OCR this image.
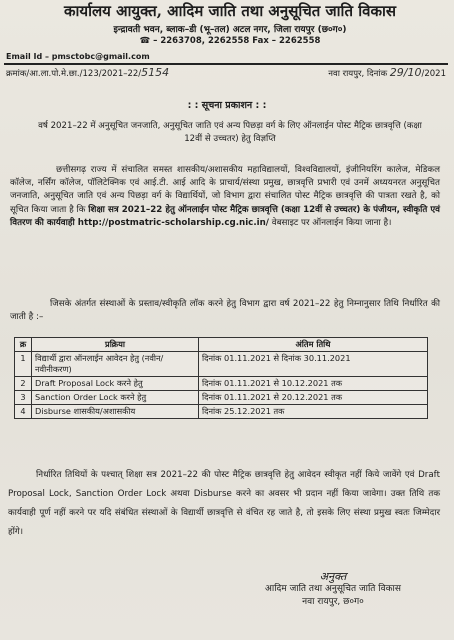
कार्यालय आयुक्त, आदिम जाति तथा अनुसूचित जाति विकास
इन्द्रावती भवन, ब्लाक–डी (भू–तल) अटल नगर, जिला रायपुर (छ०ग०)
☎ – 2263708, 2262558 Fax – 2262558
Email Id – pmsctobc@gmail.com
क्रमांक/आ.ला.पो.मे.छा./123/2021–22/5154	नवा रायपुर, दिनांक 29/10/2021
: : सूचना प्रकाशन : :
वर्ष 2021–22 में अनुसूचित जनजाति, अनुसूचित जाति एवं अन्य पिछड़ा वर्ग के लिए ऑनलाईन पोस्ट मैट्रिक छात्रवृत्ति (कक्षा 12वीं से उच्चतर) हेतु विज्ञप्ति
छत्तीसगढ़ राज्य में संचालित समस्त शासकीय/अशासकीय महाविद्यालयों, विश्वविद्यालयों, इंजीनियरिंग कालेज, मेडिकल कॉलेज, नर्सिंग कॉलेज, पॉलिटेक्निक एवं आई.टी. आई आदि के प्राचार्य/संस्था प्रमुख, छात्रवृत्ति प्रभारी एवं उनमें अध्ययनरत अनुसूचित जनजाति, अनुसूचित जाति एवं अन्य पिछड़ा वर्ग के विद्यार्थियों, जो विभाग द्वारा संचालित पोस्ट मैट्रिक छात्रवृत्ति की पात्रता रखते है, को सूचित किया जाता है कि शिक्षा सत्र 2021–22 हेतु ऑनलाईन पोस्ट मैट्रिक छात्रवृत्ति (कक्षा 12वीं से उच्चतर) के पंजीयन, स्वीकृति एवं वितरण की कार्यवाही http://postmatric-scholarship.cg.nic.in/ वेबसाइट पर ऑनलाईन किया जाना है।
जिसके अंतर्गत संस्थाओं के प्रस्ताव/स्वीकृति लॉक करने हेतु विभाग द्वारा वर्ष 2021–22 हेतु निम्नानुसार तिथि निर्धारित की जाती है :–
क्र	प्रक्रिया	अंतिम तिथि
1	विद्यार्थी द्वारा ऑनलाईन आवेदन हेतु (नवीन/नवीनीकरण)	दिनांक 01.11.2021 से दिनांक 30.11.2021
2	Draft Proposal Lock करने हेतु	दिनांक 01.11.2021 से 10.12.2021 तक
3	Sanction Order Lock करने हेतु	दिनांक 01.11.2021 से 20.12.2021 तक
4	Disburse शासकीय/अशासकीय	दिनांक 25.12.2021 तक
निर्धारित तिथियों के पश्चात् शिक्षा सत्र 2021–22 की पोस्ट मैट्रिक छात्रवृत्ति हेतु आवेदन स्वीकृत नहीं किये जावेंगे एवं Draft Proposal Lock, Sanction Order Lock अथवा Disburse करने का अवसर भी प्रदान नहीं किया जावेगा। उक्त तिथि तक कार्यवाही पूर्ण नहीं करने पर यदि संबंधित संस्थाओं के विद्यार्थी छात्रवृत्ति से वंचित रह जाते है, तो इसके लिए संस्था प्रमुख स्वतः जिम्मेदार होंगे।
अनुक्त
आदिम जाति तथा अनुसूचित जाति विकास
नवा रायपुर, छ०ग०
